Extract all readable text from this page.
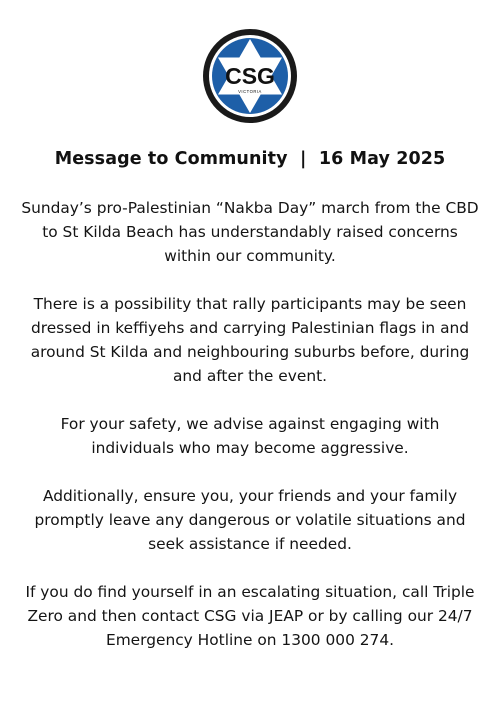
CSG
VICTORIA
Message to Community  |  16 May 2025

Sunday’s pro-Palestinian “Nakba Day” march from the CBD to St Kilda Beach has understandably raised concerns within our community.

There is a possibility that rally participants may be seen dressed in keffiyehs and carrying Palestinian flags in and around St Kilda and neighbouring suburbs before, during and after the event.

For your safety, we advise against engaging with individuals who may become aggressive.

Additionally, ensure you, your friends and your family promptly leave any dangerous or volatile situations and seek assistance if needed.

If you do find yourself in an escalating situation, call Triple Zero and then contact CSG via JEAP or by calling our 24/7 Emergency Hotline on 1300 000 274.
